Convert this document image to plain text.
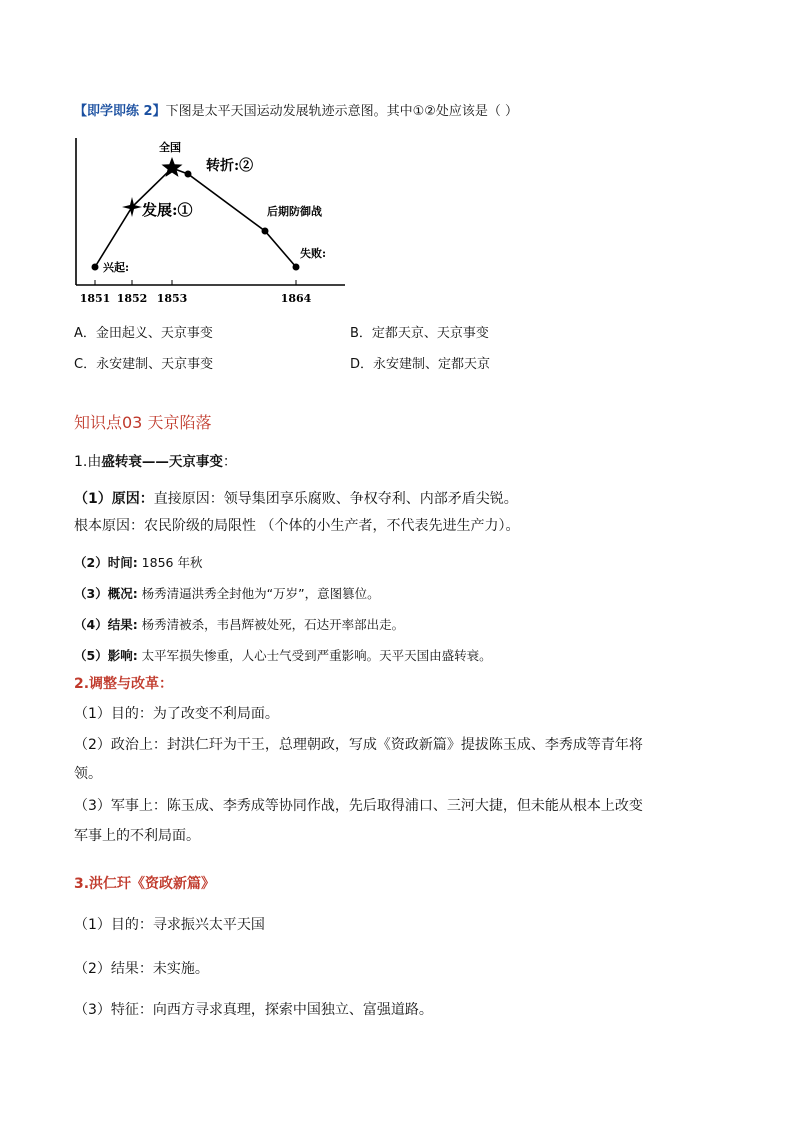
【即学即练 2】下图是太平天国运动发展轨迹示意图。其中①②处应该是（ ）
1851 1852 1853	1864
兴起:
发展:①
全国
转折:②
后期防御战
失败:
A．金田起义、天京事变	B．定都天京、天京事变
C．永安建制、天京事变	D．永安建制、定都天京
知识点03 天京陷落
1.由盛转衰——天京事变：
（1）原因：直接原因：领导集团享乐腐败、争权夺利、内部矛盾尖锐。
根本原因：农民阶级的局限性 （个体的小生产者，不代表先进生产力）。
（2）时间: 1856 年秋
（3）概况: 杨秀清逼洪秀全封他为“万岁”，意图篡位。
（4）结果: 杨秀清被杀，韦昌辉被处死，石达开率部出走。
（5）影响: 太平军损失惨重，人心士气受到严重影响。天平天国由盛转衰。
2.调整与改革：
（1）目的：为了改变不利局面。
（2）政治上：封洪仁玕为干王，总理朝政，写成《资政新篇》提拔陈玉成、李秀成等青年将
领。
（3）军事上：陈玉成、李秀成等协同作战，先后取得浦口、三河大捷，但未能从根本上改变
军事上的不利局面。
3.洪仁玕《资政新篇》
（1）目的：寻求振兴太平天国
（2）结果：未实施。
（3）特征：向西方寻求真理，探索中国独立、富强道路。
